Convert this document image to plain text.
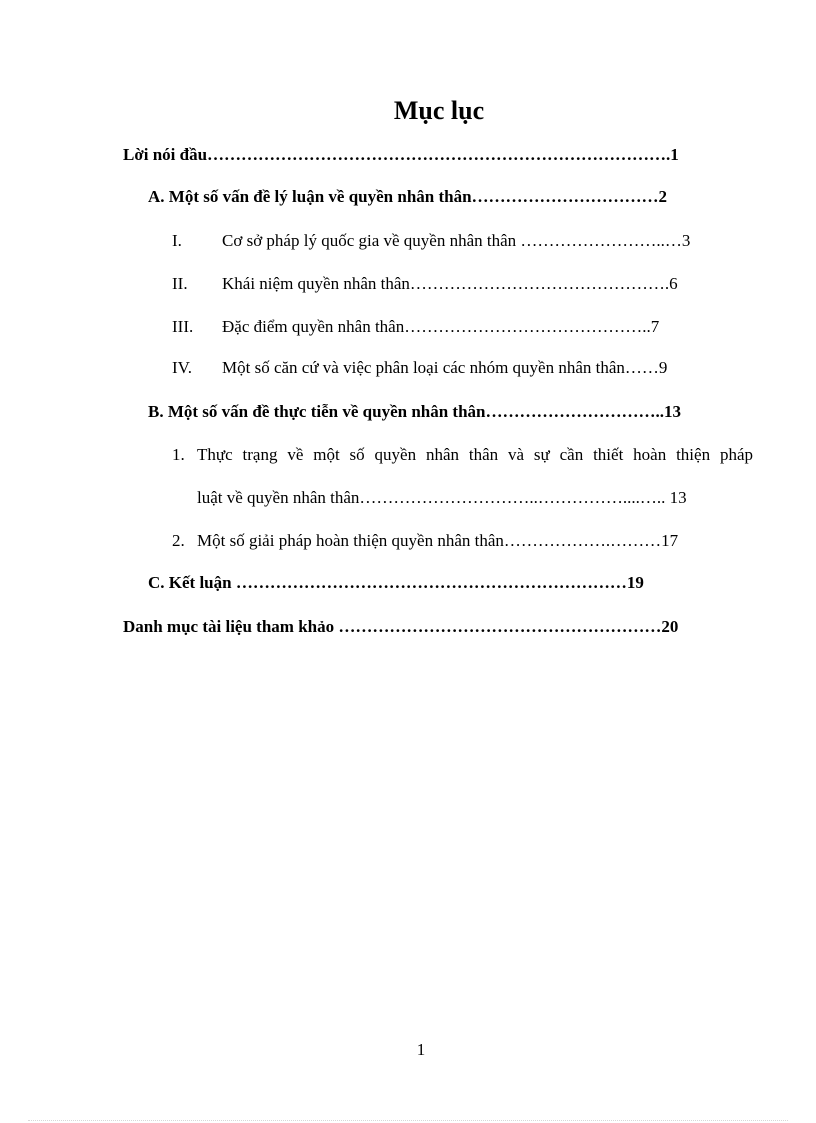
Mục lục
Lời nói đầu……………………………………………………………………….1
A. Một số vấn đề lý luận về quyền nhân thân……………………………2
I. Cơ sở pháp lý quốc gia về quyền nhân thân ……………………..…3
II. Khái niệm quyền nhân thân……………………………………….6
III. Đặc điểm quyền nhân thân……………………………………..7
IV. Một số căn cứ và việc phân loại các nhóm quyền nhân thân……9
B. Một số vấn đề thực tiễn về quyền nhân thân…………………………..13
1. Thực trạng về một số quyền nhân thân và sự cần thiết hoàn thiện pháp
luật về quyền nhân thân…………………………..……………....….. 13
2. Một số giải pháp hoàn thiện quyền nhân thân……………….………17
C. Kết luận ……………………………………………………………19
Danh mục tài liệu tham khảo …………………………………………………20
1
